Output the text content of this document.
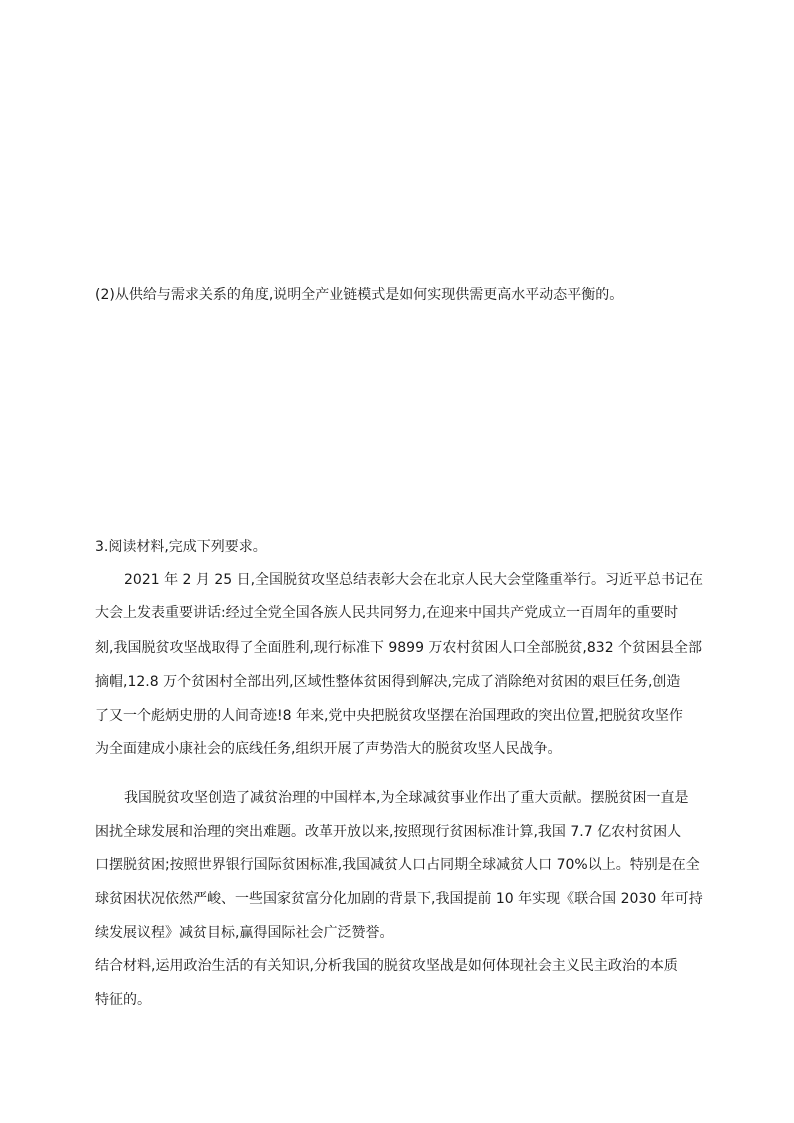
(2)从供给与需求关系的角度,说明全产业链模式是如何实现供需更高水平动态平衡的。
3.阅读材料,完成下列要求。
2021 年 2 月 25 日,全国脱贫攻坚总结表彰大会在北京人民大会堂隆重举行。习近平总书记在
大会上发表重要讲话:经过全党全国各族人民共同努力,在迎来中国共产党成立一百周年的重要时
刻,我国脱贫攻坚战取得了全面胜利,现行标准下 9899 万农村贫困人口全部脱贫,832 个贫困县全部
摘帽,12.8 万个贫困村全部出列,区域性整体贫困得到解决,完成了消除绝对贫困的艰巨任务,创造
了又一个彪炳史册的人间奇迹!8 年来,党中央把脱贫攻坚摆在治国理政的突出位置,把脱贫攻坚作
为全面建成小康社会的底线任务,组织开展了声势浩大的脱贫攻坚人民战争。
我国脱贫攻坚创造了减贫治理的中国样本,为全球减贫事业作出了重大贡献。摆脱贫困一直是
困扰全球发展和治理的突出难题。改革开放以来,按照现行贫困标准计算,我国 7.7 亿农村贫困人
口摆脱贫困;按照世界银行国际贫困标准,我国减贫人口占同期全球减贫人口 70%以上。特别是在全
球贫困状况依然严峻、一些国家贫富分化加剧的背景下,我国提前 10 年实现《联合国 2030 年可持
续发展议程》减贫目标,赢得国际社会广泛赞誉。
结合材料,运用政治生活的有关知识,分析我国的脱贫攻坚战是如何体现社会主义民主政治的本质
特征的。
